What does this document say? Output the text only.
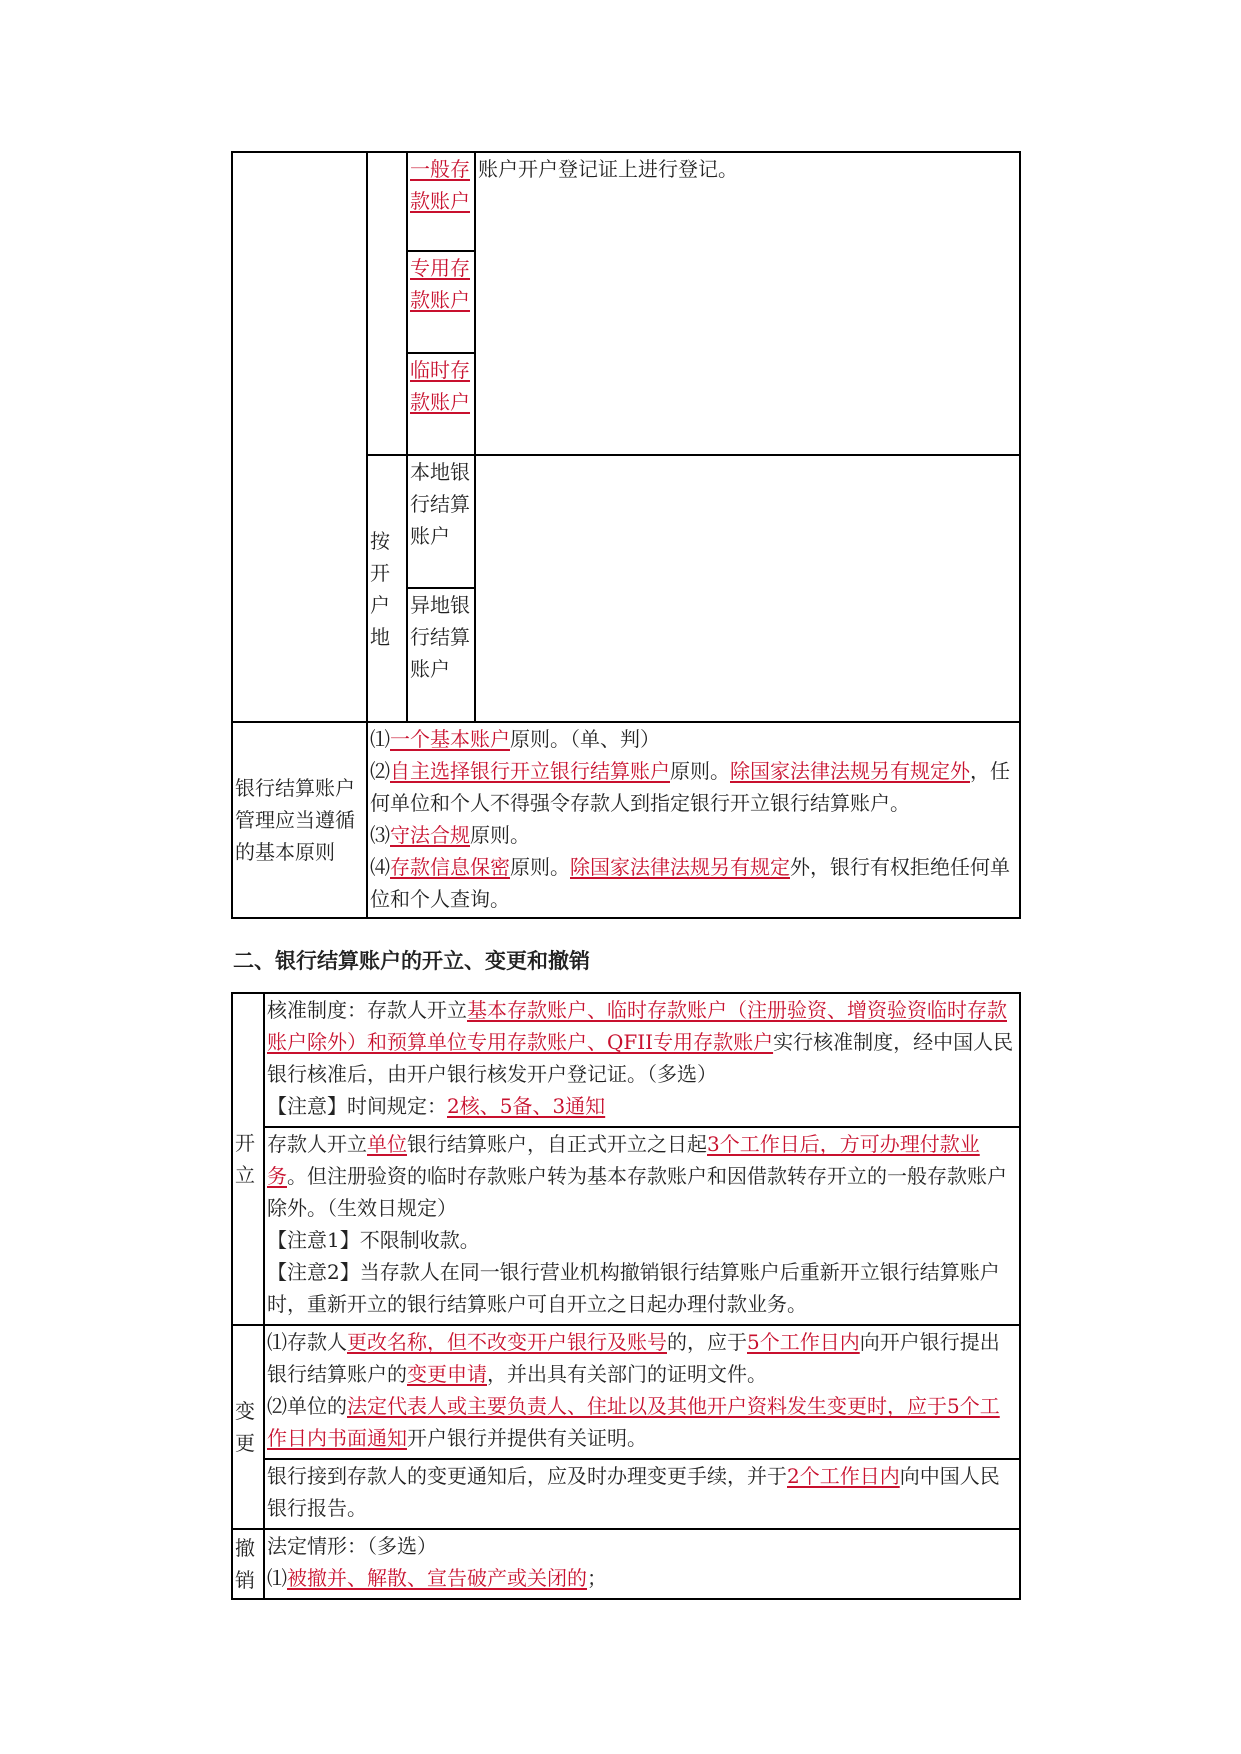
		一般存款账户	账户开户登记证上进行登记。
		专用存款账户	
		临时存款账户	
	按开户地	本地银行结算账户	
		异地银行结算账户	
银行结算账户管理应当遵循的基本原则	⑴一个基本账户原则。（单、判）
⑵自主选择银行开立银行结算账户原则。除国家法律法规另有规定外，任何单位和个人不得强令存款人到指定银行开立银行结算账户。
⑶守法合规原则。
⑷存款信息保密原则。除国家法律法规另有规定外，银行有权拒绝任何单位和个人查询。		
二、银行结算账户的开立、变更和撤销
开立	核准制度：存款人开立基本存款账户、临时存款账户（注册验资、增资验资临时存款账户除外）和预算单位专用存款账户、QFII专用存款账户实行核准制度，经中国人民银行核准后，由开户银行核发开户登记证。（多选）
【注意】时间规定：2核、5备、3通知

	存款人开立单位银行结算账户，自正式开立之日起3个工作日后，方可办理付款业务。但注册验资的临时存款账户转为基本存款账户和因借款转存开立的一般存款账户除外。（生效日规定）
【注意1】不限制收款。
【注意2】当存款人在同一银行营业机构撤销银行结算账户后重新开立银行结算账户时，重新开立的银行结算账户可自开立之日起办理付款业务。

变更	⑴存款人更改名称，但不改变开户银行及账号的，应于5个工作日内向开户银行提出银行结算账户的变更申请，并出具有关部门的证明文件。
⑵单位的法定代表人或主要负责人、住址以及其他开户资料发生变更时，应于5个工作日内书面通知开户银行并提供有关证明。

	银行接到存款人的变更通知后，应及时办理变更手续，并于2个工作日内向中国人民银行报告。
撤销	法定情形：（多选）
⑴被撤并、解散、宣告破产或关闭的；
